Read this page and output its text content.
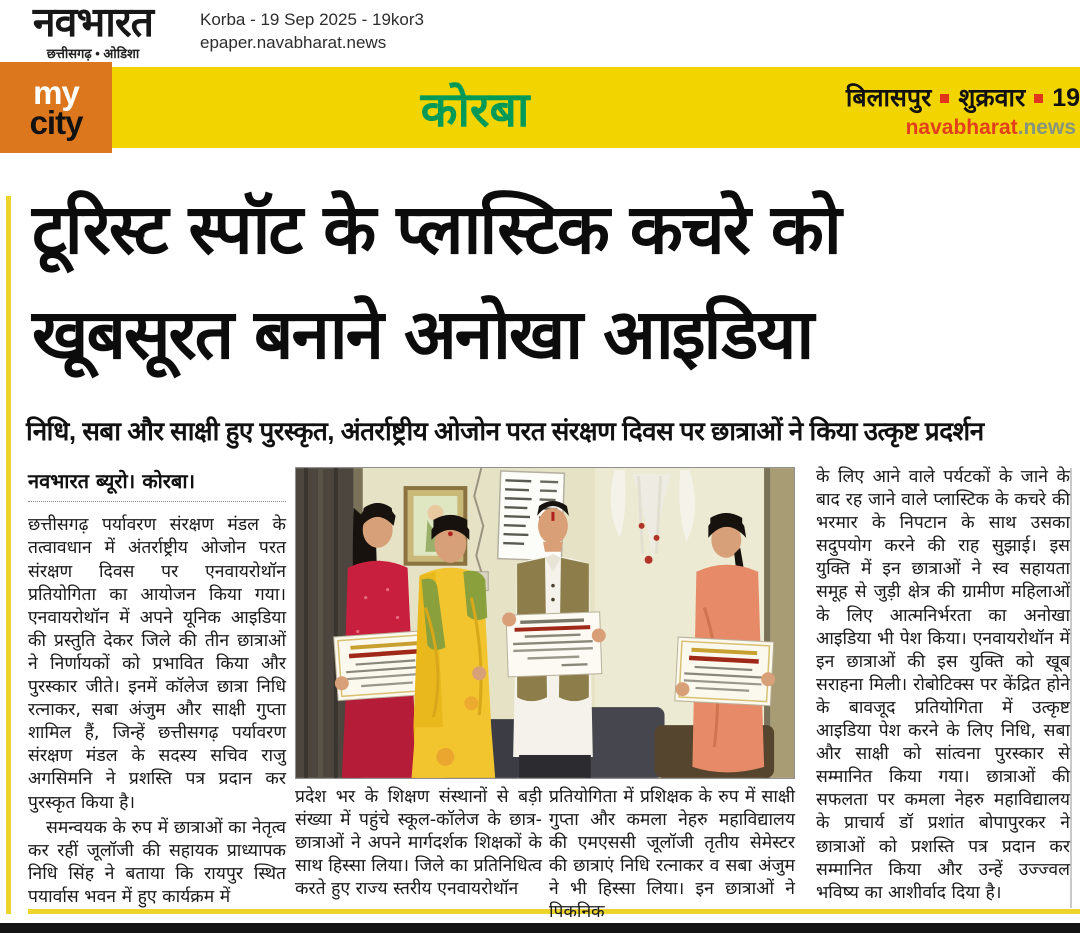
नवभारत
छत्तीसगढ़ • ओडिशा
Korba - 19 Sep 2025 - 19kor3
epaper.navabharat.news
my
city	कोरबा	बिलासपुर शुक्रवार 19
navabharat.news
टूरिस्ट स्पॉट के प्लास्टिक कचरे को
खूबसूरत बनाने अनोखा आइडिया
निधि, सबा और साक्षी हुए पुरस्कृत, अंतर्राष्ट्रीय ओजोन परत संरक्षण दिवस पर छात्राओं ने किया उत्कृष्ट प्रदर्शन
नवभारत ब्यूरो। कोरबा।
छत्तीसगढ़ पर्यावरण संरक्षण मंडल के तत्वावधान में अंतर्राष्ट्रीय ओजोन परत संरक्षण दिवस पर एनवायरोथॉन प्रतियोगिता का आयोजन किया गया। एनवायरोथॉन में अपने यूनिक आइडिया की प्रस्तुति देकर जिले की तीन छात्राओं ने निर्णायकों को प्रभावित किया और पुरस्कार जीते। इनमें कॉलेज छात्रा निधि रत्नाकर, सबा अंजुम और साक्षी गुप्ता शामिल हैं, जिन्हें छत्तीसगढ़ पर्यावरण संरक्षण मंडल के सदस्य सचिव राजु अगसिमनि ने प्रशस्ति पत्र प्रदान कर पुरस्कृत किया है।
समन्वयक के रुप में छात्राओं का नेतृत्व कर रहीं जूलॉजी की सहायक प्राध्यापक निधि सिंह ने बताया कि रायपुर स्थित पयार्वास भवन में हुए कार्यक्रम में
प्रदेश भर के शिक्षण संस्थानों से बड़ी संख्या में पहुंचे स्कूल-कॉलेज के छात्र-छात्राओं ने अपने मार्गदर्शक शिक्षकों के साथ हिस्सा लिया। जिले का प्रतिनिधित्व करते हुए राज्य स्तरीय एनवायरोथॉन
प्रतियोगिता में प्रशिक्षक के रुप में साक्षी गुप्ता और कमला नेहरु महाविद्यालय की एमएससी जूलॉजी तृतीय सेमेस्टर की छात्राएं निधि रत्नाकर व सबा अंजुम ने भी हिस्सा लिया। इन छात्राओं ने पिकनिक
के लिए आने वाले पर्यटकों के जाने के बाद रह जाने वाले प्लास्टिक के कचरे की भरमार के निपटान के साथ उसका सदुपयोग करने की राह सुझाई। इस युक्ति में इन छात्राओं ने स्व सहायता समूह से जुड़ी क्षेत्र की ग्रामीण महिलाओं के लिए आत्मनिर्भरता का अनोखा आइडिया भी पेश किया। एनवायरोथॉन में इन छात्राओं की इस युक्ति को खूब सराहना मिली। रोबोटिक्स पर केंद्रित होने के बावजूद प्रतियोगिता में उत्कृष्ट आइडिया पेश करने के लिए निधि, सबा और साक्षी को सांत्वना पुरस्कार से सम्मानित किया गया। छात्राओं की सफलता पर कमला नेहरु महाविद्यालय के प्राचार्य डॉ प्रशांत बोपापुरकर ने छात्राओं को प्रशस्ति पत्र प्रदान कर सम्मानित किया और उन्हें उज्ज्वल भविष्य का आशीर्वाद दिया है।
